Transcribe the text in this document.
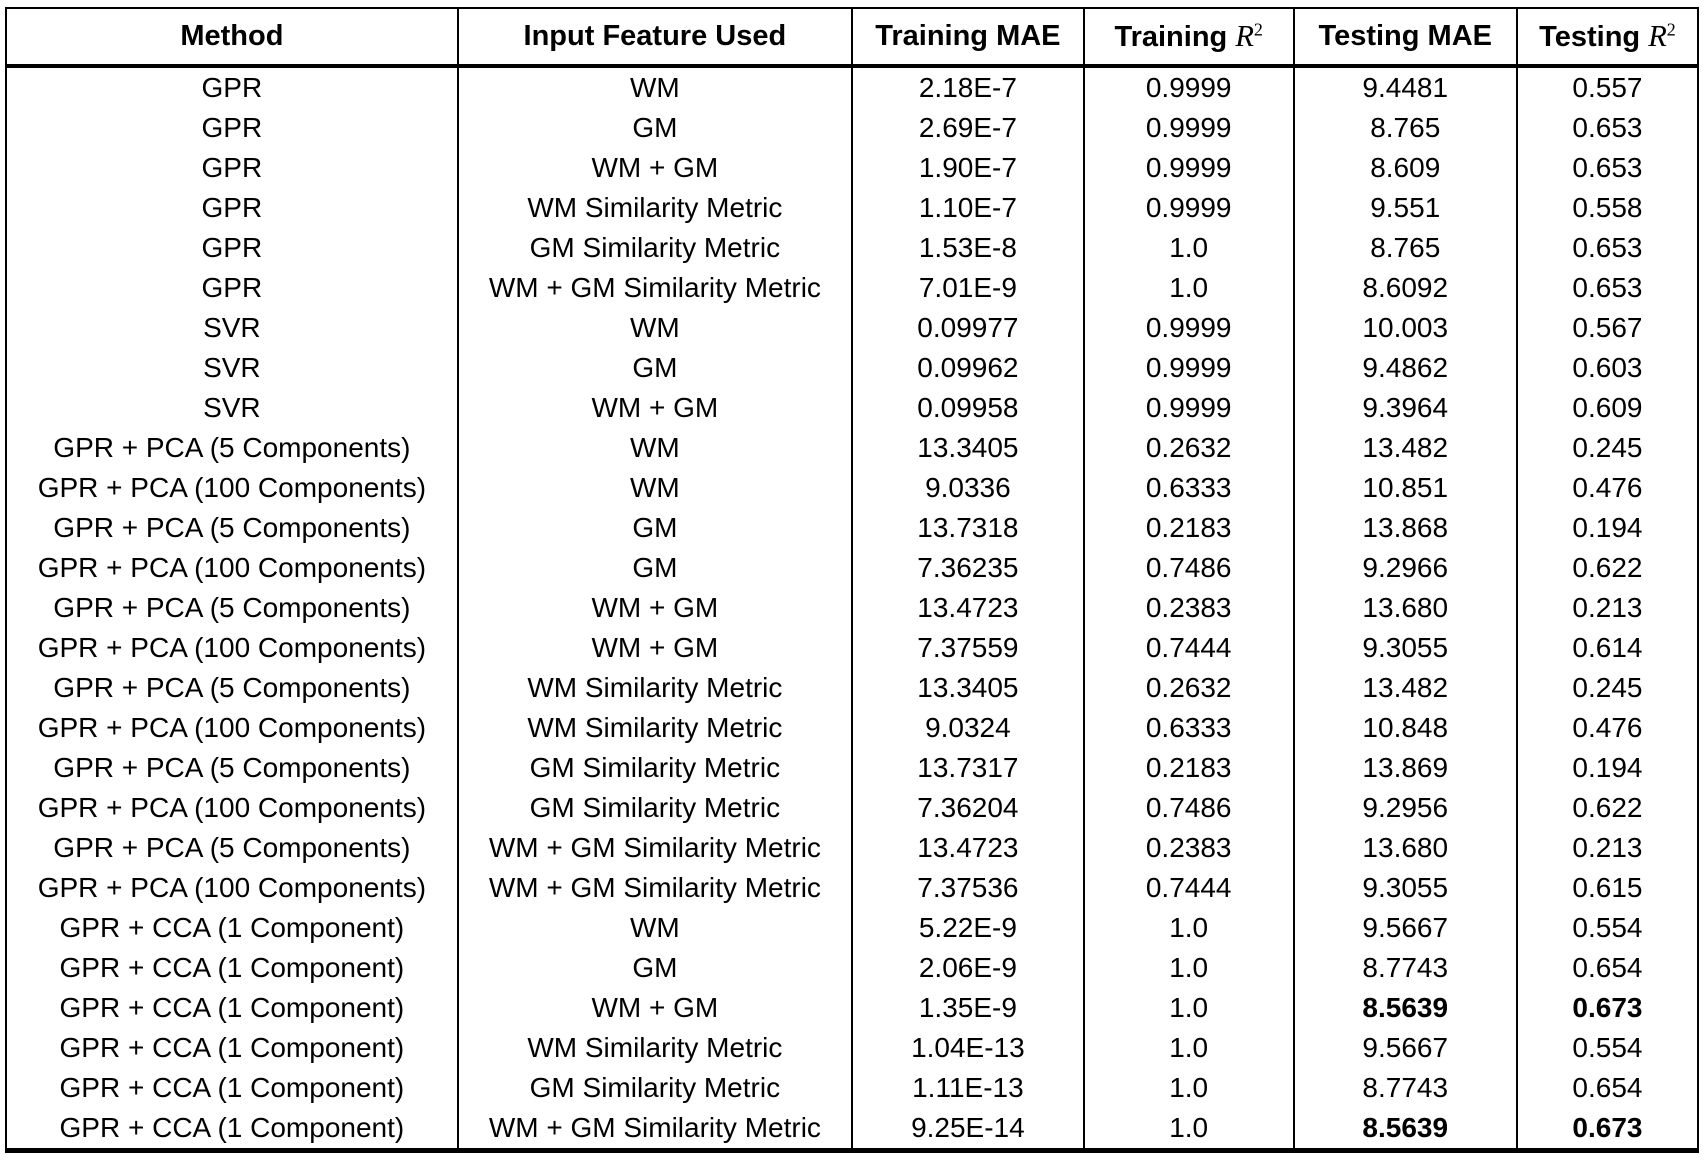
Method	Input Feature Used	Training MAE	Training $R^2$	Testing MAE	Testing $R^2$
GPR	WM	2.18E-7	0.9999	9.4481	0.557
GPR	GM	2.69E-7	0.9999	8.765	0.653
GPR	WM + GM	1.90E-7	0.9999	8.609	0.653
GPR	WM Similarity Metric	1.10E-7	0.9999	9.551	0.558
GPR	GM Similarity Metric	1.53E-8	1.0	8.765	0.653
GPR	WM + GM Similarity Metric	7.01E-9	1.0	8.6092	0.653
SVR	WM	0.09977	0.9999	10.003	0.567
SVR	GM	0.09962	0.9999	9.4862	0.603
SVR	WM + GM	0.09958	0.9999	9.3964	0.609
GPR + PCA (5 Components)	WM	13.3405	0.2632	13.482	0.245
GPR + PCA (100 Components)	WM	9.0336	0.6333	10.851	0.476
GPR + PCA (5 Components)	GM	13.7318	0.2183	13.868	0.194
GPR + PCA (100 Components)	GM	7.36235	0.7486	9.2966	0.622
GPR + PCA (5 Components)	WM + GM	13.4723	0.2383	13.680	0.213
GPR + PCA (100 Components)	WM + GM	7.37559	0.7444	9.3055	0.614
GPR + PCA (5 Components)	WM Similarity Metric	13.3405	0.2632	13.482	0.245
GPR + PCA (100 Components)	WM Similarity Metric	9.0324	0.6333	10.848	0.476
GPR + PCA (5 Components)	GM Similarity Metric	13.7317	0.2183	13.869	0.194
GPR + PCA (100 Components)	GM Similarity Metric	7.36204	0.7486	9.2956	0.622
GPR + PCA (5 Components)	WM + GM Similarity Metric	13.4723	0.2383	13.680	0.213
GPR + PCA (100 Components)	WM + GM Similarity Metric	7.37536	0.7444	9.3055	0.615
GPR + CCA (1 Component)	WM	5.22E-9	1.0	9.5667	0.554
GPR + CCA (1 Component)	GM	2.06E-9	1.0	8.7743	0.654
GPR + CCA (1 Component)	WM + GM	1.35E-9	1.0	8.5639	0.673
GPR + CCA (1 Component)	WM Similarity Metric	1.04E-13	1.0	9.5667	0.554
GPR + CCA (1 Component)	GM Similarity Metric	1.11E-13	1.0	8.7743	0.654
GPR + CCA (1 Component)	WM + GM Similarity Metric	9.25E-14	1.0	8.5639	0.673
